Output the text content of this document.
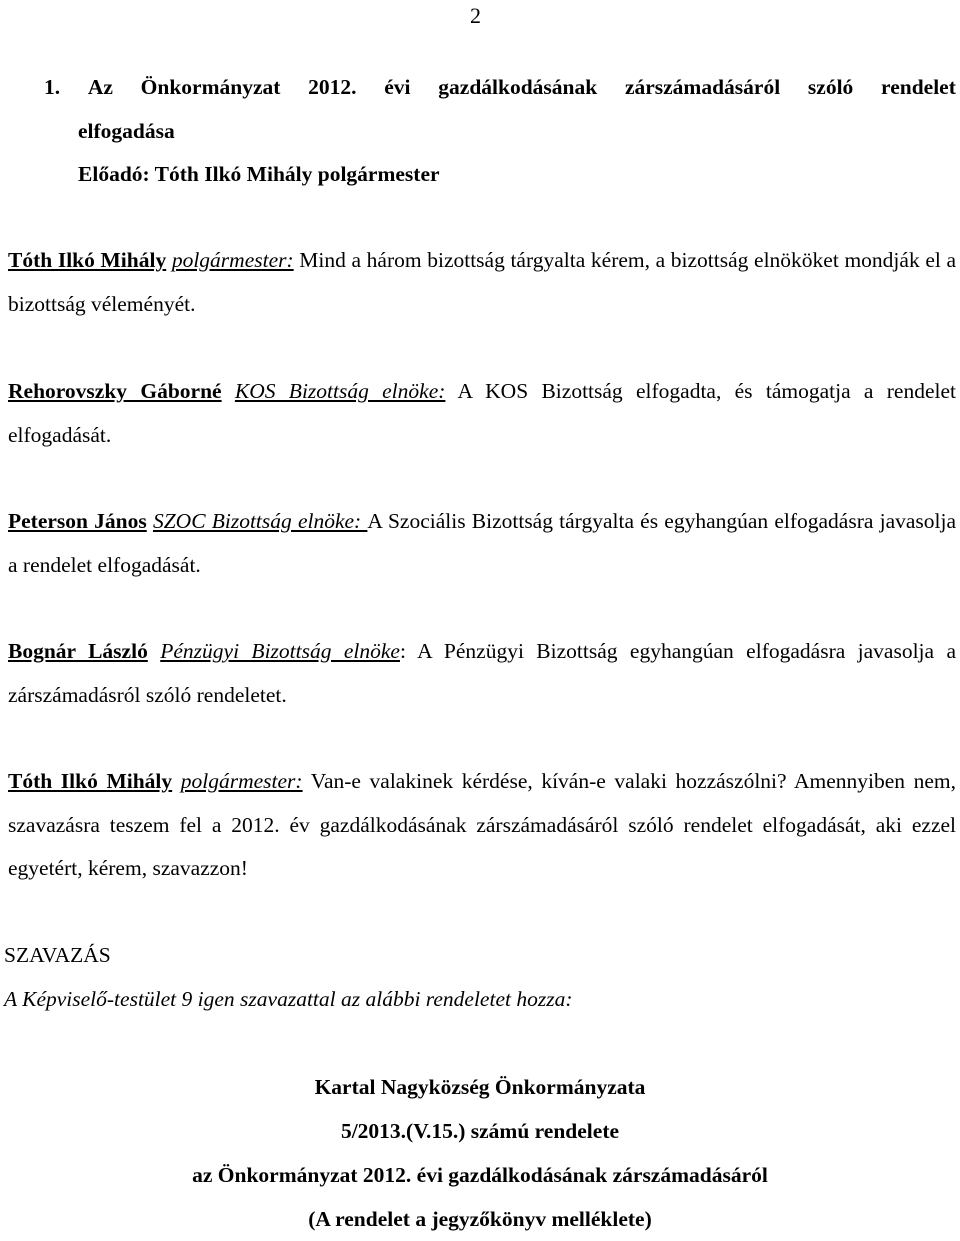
2
1. Az Önkormányzat 2012. évi gazdálkodásának zárszámadásáról szóló rendelet
elfogadása
Előadó: Tóth Ilkó Mihály polgármester
Tóth Ilkó Mihály polgármester: Mind a három bizottság tárgyalta kérem, a bizottság elnököket mondják el a bizottság véleményét.
Rehorovszky Gáborné KOS Bizottság elnöke: A KOS Bizottság elfogadta, és támogatja a rendelet elfogadását.
Peterson János SZOC Bizottság elnöke: A Szociális Bizottság tárgyalta és egyhangúan elfogadásra javasolja a rendelet elfogadását.
Bognár László Pénzügyi Bizottság elnöke: A Pénzügyi Bizottság egyhangúan elfogadásra javasolja a zárszámadásról szóló rendeletet.
Tóth Ilkó Mihály polgármester: Van-e valakinek kérdése, kíván-e valaki hozzászólni? Amennyiben nem, szavazásra teszem fel a 2012. év gazdálkodásának zárszámadásáról szóló rendelet elfogadását, aki ezzel egyetért, kérem, szavazzon!
SZAVAZÁS
A Képviselő-testület 9 igen szavazattal az alábbi rendeletet hozza:
Kartal Nagyközség Önkormányzata
5/2013.(V.15.) számú rendelete
az Önkormányzat 2012. évi gazdálkodásának zárszámadásáról
(A rendelet a jegyzőkönyv melléklete)
